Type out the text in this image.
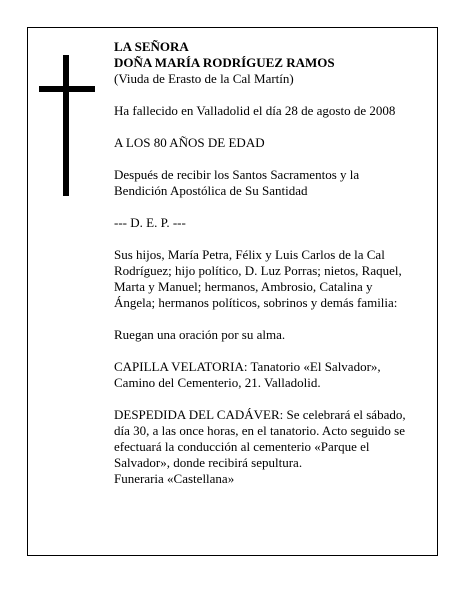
LA SEÑORA
DOÑA MARÍA RODRÍGUEZ RAMOS
(Viuda de Erasto de la Cal Martín)

Ha fallecido en Valladolid el día 28 de agosto de 2008

A LOS 80 AÑOS DE EDAD

Después de recibir los Santos Sacramentos y la Bendición Apostólica de Su Santidad

--- D. E. P. ---

Sus hijos, María Petra, Félix y Luis Carlos de la Cal Rodríguez; hijo político, D. Luz Porras; nietos, Raquel, Marta y Manuel; hermanos, Ambrosio, Catalina y Ángela; hermanos políticos, sobrinos y demás familia:

Ruegan una oración por su alma.

CAPILLA VELATORIA: Tanatorio «El Salvador», Camino del Cementerio, 21. Valladolid.

DESPEDIDA DEL CADÁVER: Se celebrará el sábado, día 30, a las once horas, en el tanatorio. Acto seguido se efectuará la conducción al cementerio «Parque el Salvador», donde recibirá sepultura.
Funeraria «Castellana»
